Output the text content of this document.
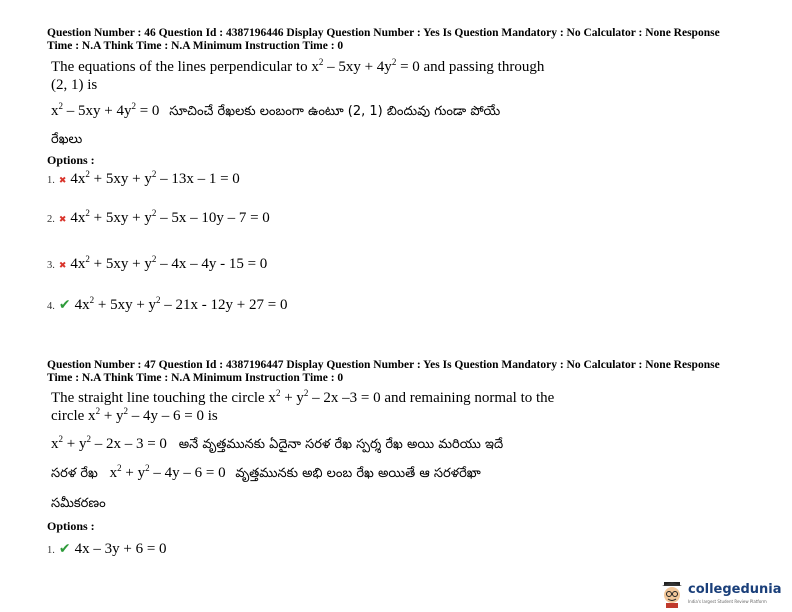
Question Number : 46 Question Id : 4387196446 Display Question Number : Yes Is Question Mandatory : No Calculator : None Response
Time : N.A Think Time : N.A Minimum Instruction Time : 0
The equations of the lines perpendicular to $x^2 - 5xy + 4y^2 = 0$ and passing through
(2, 1) is
$x^2 - 5xy + 4y^2 = 0$ సూచించే రేఖలకు లంబంగా ఉంటూ (2, 1) బిందువు గుండా పోయే
రేఖలు
Options :
1. ✖ $4x^2 + 5xy + y^2 - 13x - 1 = 0$
2. ✖ $4x^2 + 5xy + y^2 - 5x - 10y - 7 = 0$
3. ✖ $4x^2 + 5xy + y^2 - 4x - 4y - 15 = 0$
4. ✔ $4x^2 + 5xy + y^2 - 21x - 12y + 27 = 0$
Question Number : 47 Question Id : 4387196447 Display Question Number : Yes Is Question Mandatory : No Calculator : None Response
Time : N.A Think Time : N.A Minimum Instruction Time : 0
The straight line touching the circle $x^2 + y^2 - 2x$ –3 = 0 and remaining normal to the
circle $x^2 + y^2 - 4y - 6 = 0$ is
$x^2 + y^2 - 2x - 3 = 0$ అనే వృత్తమునకు ఏదైనా సరళ రేఖ స్పర్శ రేఖ అయి మరియు ఇదే
సరళ రేఖ $x^2 + y^2 - 4y - 6 = 0$ వృత్తమునకు అభి లంబ రేఖ అయితే ఆ సరళరేఖా
సమీకరణం
Options :
1. ✔ 4x – 3y + 6 = 0
collegedunia
India's largest Student Review Platform
